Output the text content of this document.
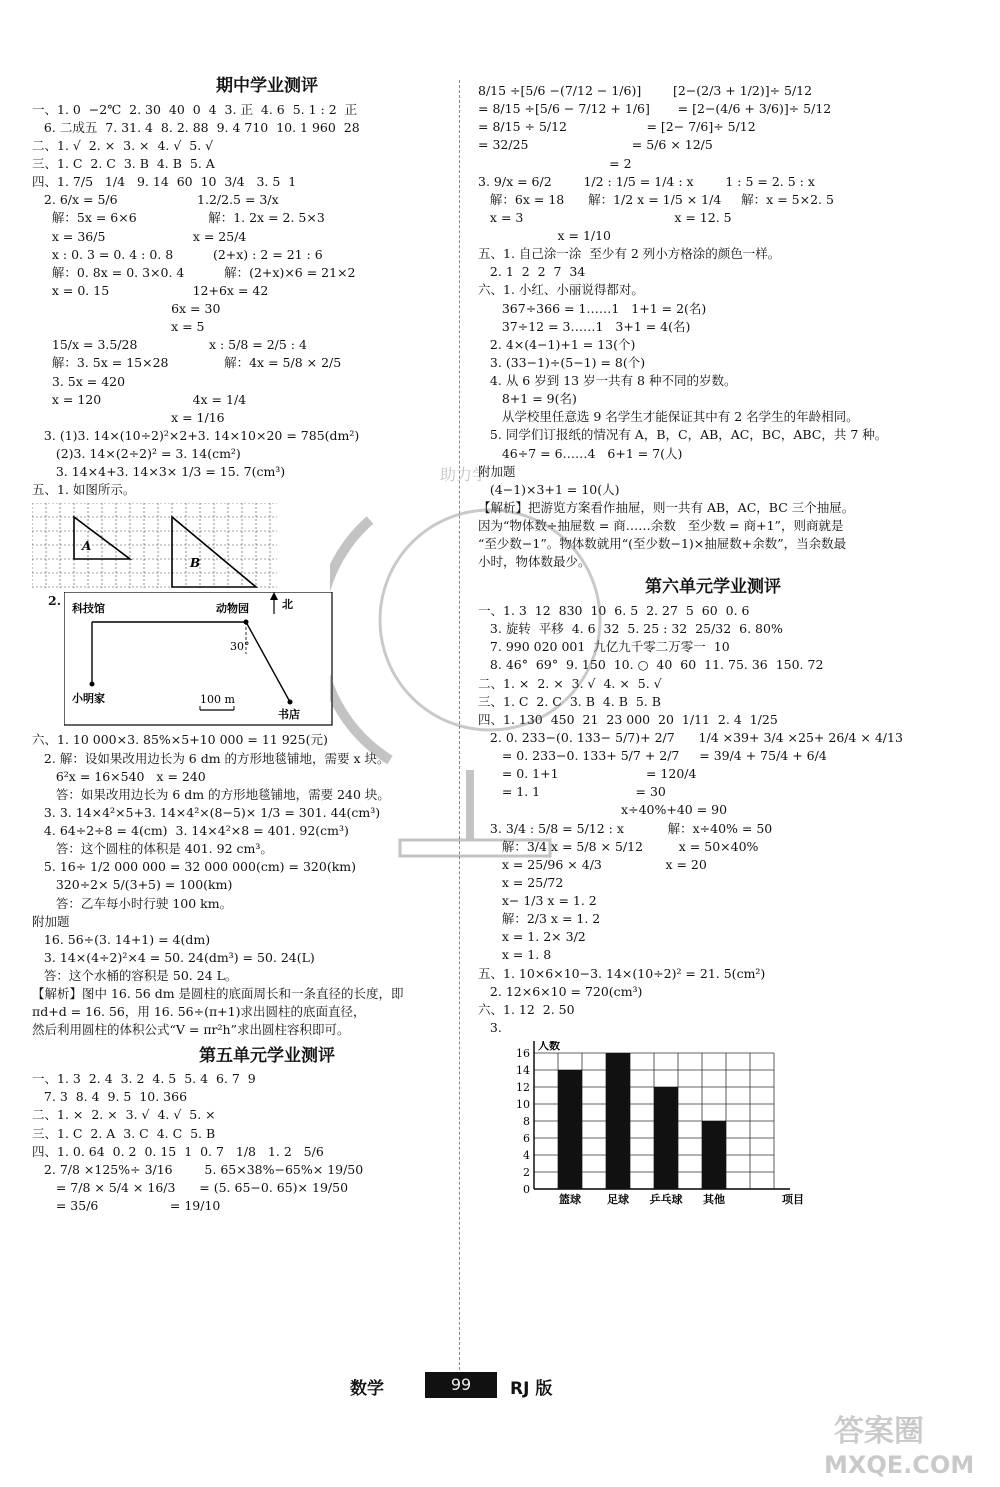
期中学业测评
一、1. 0  −2℃  2. 30  40  0  4  3. 正  4. 6  5. 1 : 2  正
6. 二成五  7. 31. 4  8. 2. 88  9. 4 710  10. 1 960  28
二、1. √  2. ×  3. ×  4. √  5. √
三、1. C  2. C  3. B  4. B  5. A
四、1. 7/5   1/4   9. 14  60  10  3/4   3. 5  1
2. 6/x = 5/6                    1.2/2.5 = 3/x
解：5x = 6×6                  解：1. 2x = 2. 5×3
x = 36/5                      x = 25/4
x : 0. 3 = 0. 4 : 0. 8          (2+x) : 2 = 21 : 6
解：0. 8x = 0. 3×0. 4          解：(2+x)×6 = 21×2
x = 0. 15                     12+6x = 42
6x = 30
x = 5
15/x = 3.5/28                  x : 5/8 = 2/5 : 4
解：3. 5x = 15×28              解：4x = 5/8 × 2/5
3. 5x = 420
x = 120                       4x = 1/4
x = 1/16
3. (1)3. 14×(10÷2)²×2+3. 14×10×20 = 785(dm²)
(2)3. 14×(2÷2)² = 3. 14(cm²)
3. 14×4+3. 14×3× 1/3 = 15. 7(cm³)
五、1. 如图所示。
A
B
2.
科技馆	动物园	北
30°
小明家	100 m
书店
六、1. 10 000×3. 85%×5+10 000 = 11 925(元)
2. 解：设如果改用边长为 6 dm 的方形地毯铺地，需要 x 块。
6²x = 16×540   x = 240
答：如果改用边长为 6 dm 的方形地毯铺地，需要 240 块。
3. 3. 14×4²×5+3. 14×4²×(8−5)× 1/3 = 301. 44(cm³)
4. 64÷2÷8 = 4(cm)  3. 14×4²×8 = 401. 92(cm³)
答：这个圆柱的体积是 401. 92 cm³。
5. 16÷ 1/2 000 000 = 32 000 000(cm) = 320(km)
320÷2× 5/(3+5) = 100(km)
答：乙车每小时行驶 100 km。
附加题
16. 56÷(3. 14+1) = 4(dm)
3. 14×(4÷2)²×4 = 50. 24(dm³) = 50. 24(L)
答：这个水桶的容积是 50. 24 L。
【解析】图中 16. 56 dm 是圆柱的底面周长和一条直径的长度，即
πd+d = 16. 56，用 16. 56÷(π+1)求出圆柱的底面直径，
然后利用圆柱的体积公式“V = πr²h”求出圆柱容积即可。
第五单元学业测评
一、1. 3  2. 4  3. 2  4. 5  5. 4  6. 7  9
7. 3  8. 4  9. 5  10. 366
二、1. ×  2. ×  3. √  4. √  5. ×
三、1. C  2. A  3. C  4. C  5. B
四、1. 0. 64  0. 2  0. 15  1  0. 7   1/8   1. 2   5/6
2. 7/8 ×125%÷ 3/16        5. 65×38%−65%× 19/50
= 7/8 × 5/4 × 16/3      = (5. 65−0. 65)× 19/50
= 35/6                  = 19/10
8/15 ÷[5/6 −(7/12 − 1/6)]        [2−(2/3 + 1/2)]÷ 5/12
= 8/15 ÷[5/6 − 7/12 + 1/6]       = [2−(4/6 + 3/6)]÷ 5/12
= 8/15 ÷ 5/12                    = [2− 7/6]÷ 5/12
= 32/25                          = 5/6 × 12/5
= 2
3. 9/x = 6/2        1/2 : 1/5 = 1/4 : x        1 : 5 = 2. 5 : x
解：6x = 18      解：1/2 x = 1/5 × 1/4     解：x = 5×2. 5
x = 3                                      x = 12. 5
x = 1/10
五、1. 自己涂一涂  至少有 2 列小方格涂的颜色一样。
2. 1  2  2  7  34
六、1. 小红、小丽说得都对。
367÷366 = 1……1   1+1 = 2(名)
37÷12 = 3……1   3+1 = 4(名)
2. 4×(4−1)+1 = 13(个)
3. (33−1)÷(5−1) = 8(个)
4. 从 6 岁到 13 岁一共有 8 种不同的岁数。
8+1 = 9(名)
从学校里任意选 9 名学生才能保证其中有 2 名学生的年龄相同。
5. 同学们订报纸的情况有 A，B，C，AB，AC，BC，ABC，共 7 种。
46÷7 = 6……4   6+1 = 7(人)
附加题
(4−1)×3+1 = 10(人)
【解析】把游览方案看作抽屉，则一共有 AB，AC，BC 三个抽屉。
因为“物体数÷抽屉数 = 商……余数   至少数 = 商+1”，则商就是
“至少数−1”。物体数就用“(至少数−1)×抽屉数+余数”，当余数最
小时，物体数最少。
第六单元学业测评
一、1. 3  12  830  10  6. 5  2. 27  5  60  0. 6
3. 旋转  平移  4. 6  32  5. 25 : 32  25/32  6. 80%
7. 990 020 001  九亿九千零二万零一  10
8. 46°  69°  9. 150  10. ○  40  60  11. 75. 36  150. 72
二、1. ×  2. ×  3. √  4. ×  5. √
三、1. C  2. C  3. B  4. B  5. B
四、1. 130  450  21  23 000  20  1/11  2. 4  1/25
2. 0. 233−(0. 133− 5/7)+ 2/7      1/4 ×39+ 3/4 ×25+ 26/4 × 4/13
= 0. 233−0. 133+ 5/7 + 2/7     = 39/4 + 75/4 + 6/4
= 0. 1+1                      = 120/4
= 1. 1                        = 30
x÷40%+40 = 90
3. 3/4 : 5/8 = 5/12 : x           解：x÷40% = 50
解：3/4 x = 5/8 × 5/12         x = 50×40%
x = 25/96 × 4/3                x = 20
x = 25/72
x− 1/3 x = 1. 2
解：2/3 x = 1. 2
x = 1. 2× 3/2
x = 1. 8
五、1. 10×6×10−3. 14×(10÷2)² = 21. 5(cm²)
2. 12×6×10 = 720(cm³)
六、1. 12  2. 50
3.
0
2
4
6
8
10
12
14
16
篮球 足球 乒乓球 其他
人数
项目
助力学
答案圈
MXQE.COM
数学	99	RJ 版
